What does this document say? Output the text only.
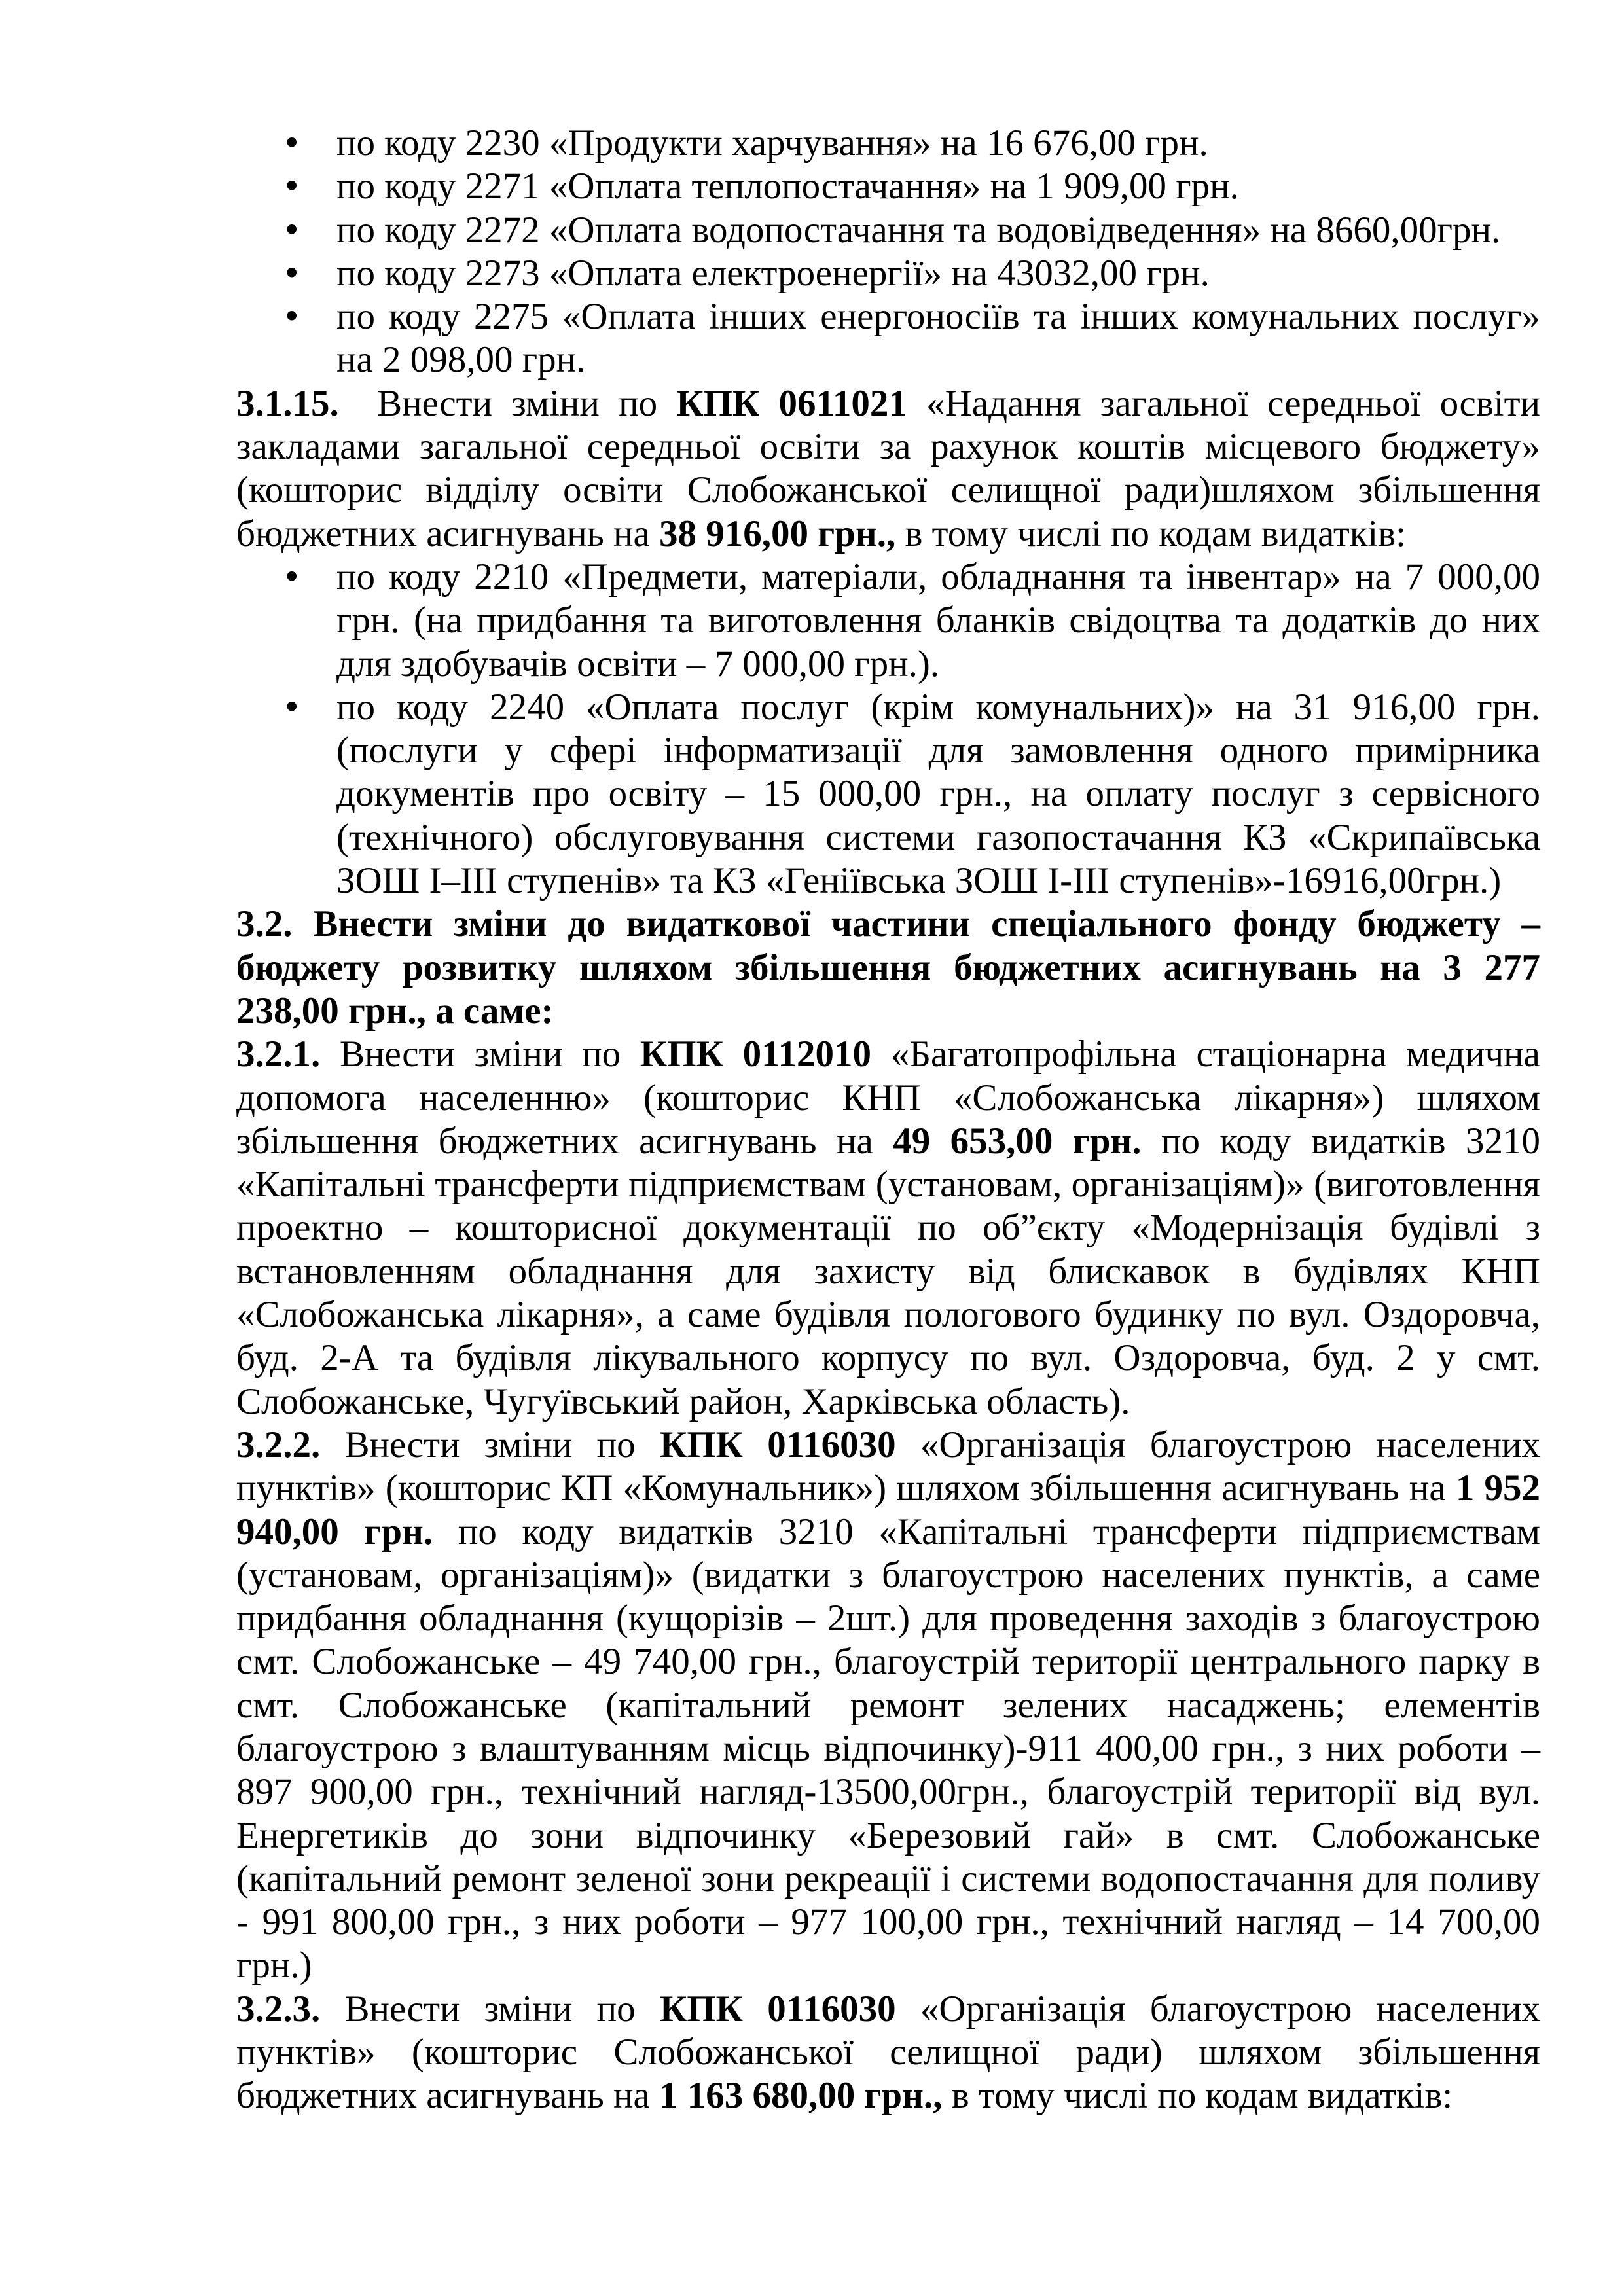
• по коду 2230 «Продукти харчування» на 16 676,00 грн.
• по коду 2271 «Оплата теплопостачання» на 1 909,00 грн.
• по коду 2272 «Оплата водопостачання та водовідведення» на 8660,00грн.
• по коду 2273 «Оплата електроенергії» на 43032,00 грн.
• по коду 2275 «Оплата інших енергоносіїв та інших комунальних послуг» на 2 098,00 грн.

3.1.15.  Внести зміни по КПК 0611021 «Надання загальної середньої освіти закладами загальної середньої освіти за рахунок коштів місцевого бюджету» (кошторис відділу освіти Слобожанської селищної ради)шляхом збільшення бюджетних асигнувань на 38 916,00 грн., в тому числі по кодам видатків:

• по коду 2210 «Предмети, матеріали, обладнання та інвентар» на 7 000,00 грн. (на придбання та виготовлення бланків свідоцтва та додатків до них для здобувачів освіти – 7 000,00 грн.).
• по коду 2240 «Оплата послуг (крім комунальних)» на 31 916,00 грн. (послуги у сфері інформатизації для замовлення одного примірника документів про освіту – 15 000,00 грн., на оплату послуг з сервісного (технічного) обслуговування системи газопостачання КЗ «Скрипаївська ЗОШ І–ІІІ ступенів» та КЗ «Геніївська ЗОШ І-ІІІ ступенів»-16916,00грн.)

3.2. Внести зміни до видаткової частини спеціального фонду бюджету – бюджету розвитку шляхом збільшення бюджетних асигнувань на 3 277 238,00 грн., а саме:

3.2.1. Внести зміни по КПК 0112010 «Багатопрофільна стаціонарна медична допомога населенню» (кошторис КНП «Слобожанська лікарня») шляхом збільшення бюджетних асигнувань на 49 653,00 грн. по коду видатків 3210 «Капітальні трансферти підприємствам (установам, організаціям)» (виготовлення проектно – кошторисної документації по об”єкту «Модернізація будівлі з встановленням обладнання для захисту від блискавок в будівлях КНП «Слобожанська лікарня», а саме будівля пологового будинку по вул. Оздоровча, буд. 2-А та будівля лікувального корпусу по вул. Оздоровча, буд. 2 у смт. Слобожанське, Чугуївський район, Харківська область).

3.2.2. Внести зміни по КПК 0116030 «Організація благоустрою населених пунктів» (кошторис КП «Комунальник») шляхом збільшення асигнувань на 1 952 940,00 грн. по коду видатків 3210 «Капітальні трансферти підприємствам (установам, організаціям)» (видатки з благоустрою населених пунктів, а саме придбання обладнання (кущорізів – 2шт.) для проведення заходів з благоустрою смт. Слобожанське – 49 740,00 грн., благоустрій території центрального парку в смт. Слобожанське (капітальний ремонт зелених насаджень; елементів благоустрою з влаштуванням місць відпочинку)-911 400,00 грн., з них роботи – 897 900,00 грн., технічний нагляд-13500,00грн., благоустрій території від вул. Енергетиків до зони відпочинку «Березовий гай» в смт. Слобожанське (капітальний ремонт зеленої зони рекреації і системи водопостачання для поливу - 991 800,00 грн., з них роботи – 977 100,00 грн., технічний нагляд – 14 700,00 грн.)

3.2.3. Внести зміни по КПК 0116030 «Організація благоустрою населених пунктів» (кошторис Слобожанської селищної ради) шляхом збільшення бюджетних асигнувань на 1 163 680,00 грн., в тому числі по кодам видатків:
